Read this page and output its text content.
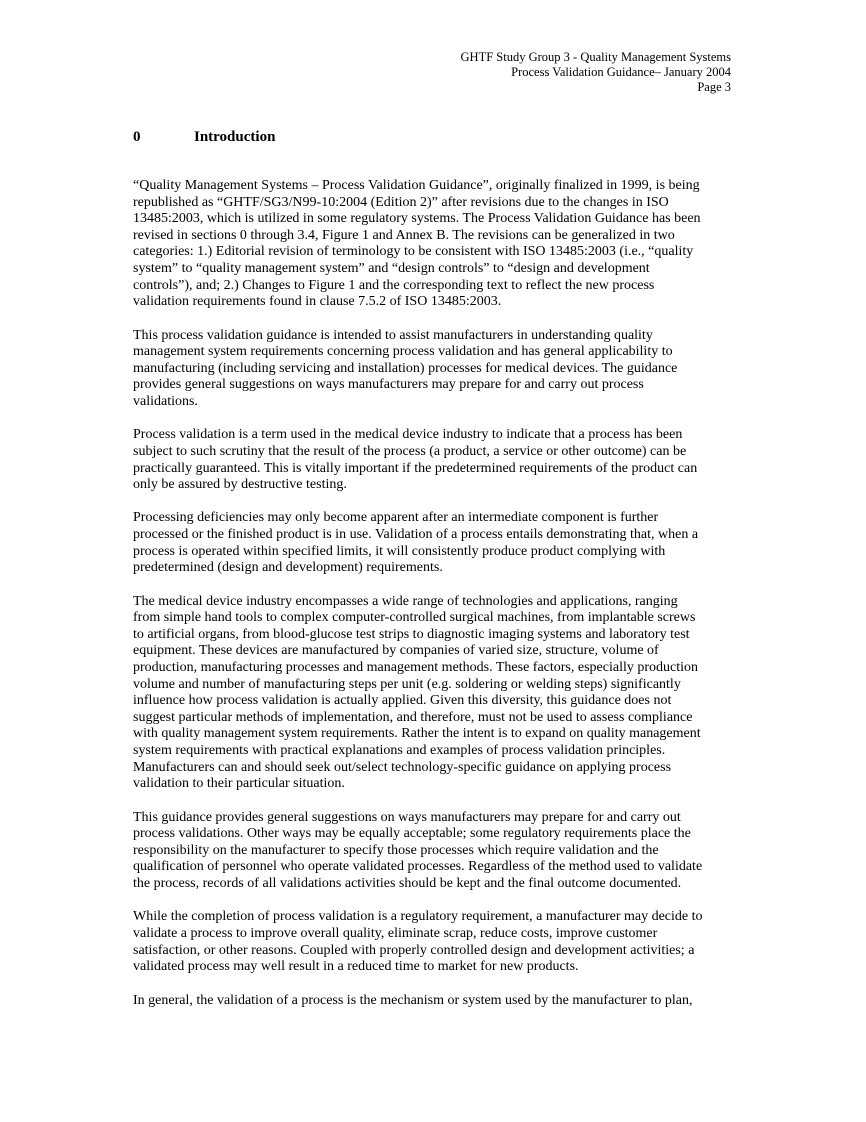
GHTF Study Group 3 - Quality Management Systems
Process Validation Guidance– January 2004
Page 3
0	Introduction

“Quality Management Systems – Process Validation Guidance”, originally finalized in 1999, is being
republished as “GHTF/SG3/N99-10:2004 (Edition 2)” after revisions due to the changes in ISO
13485:2003, which is utilized in some regulatory systems. The Process Validation Guidance has been
revised in sections 0 through 3.4, Figure 1 and Annex B. The revisions can be generalized in two
categories: 1.) Editorial revision of terminology to be consistent with ISO 13485:2003 (i.e., “quality
system” to “quality management system” and “design controls” to “design and development
controls”), and; 2.) Changes to Figure 1 and the corresponding text to reflect the new process
validation requirements found in clause 7.5.2 of ISO 13485:2003.

This process validation guidance is intended to assist manufacturers in understanding quality
management system requirements concerning process validation and has general applicability to
manufacturing (including servicing and installation) processes for medical devices. The guidance
provides general suggestions on ways manufacturers may prepare for and carry out process
validations.

Process validation is a term used in the medical device industry to indicate that a process has been
subject to such scrutiny that the result of the process (a product, a service or other outcome) can be
practically guaranteed. This is vitally important if the predetermined requirements of the product can
only be assured by destructive testing.

Processing deficiencies may only become apparent after an intermediate component is further
processed or the finished product is in use. Validation of a process entails demonstrating that, when a
process is operated within specified limits, it will consistently produce product complying with
predetermined (design and development) requirements.

The medical device industry encompasses a wide range of technologies and applications, ranging
from simple hand tools to complex computer-controlled surgical machines, from implantable screws
to artificial organs, from blood-glucose test strips to diagnostic imaging systems and laboratory test
equipment. These devices are manufactured by companies of varied size, structure, volume of
production, manufacturing processes and management methods. These factors, especially production
volume and number of manufacturing steps per unit (e.g. soldering or welding steps) significantly
influence how process validation is actually applied. Given this diversity, this guidance does not
suggest particular methods of implementation, and therefore, must not be used to assess compliance
with quality management system requirements. Rather the intent is to expand on quality management
system requirements with practical explanations and examples of process validation principles.
Manufacturers can and should seek out/select technology-specific guidance on applying process
validation to their particular situation.

This guidance provides general suggestions on ways manufacturers may prepare for and carry out
process validations. Other ways may be equally acceptable; some regulatory requirements place the
responsibility on the manufacturer to specify those processes which require validation and the
qualification of personnel who operate validated processes. Regardless of the method used to validate
the process, records of all validations activities should be kept and the final outcome documented.

While the completion of process validation is a regulatory requirement, a manufacturer may decide to
validate a process to improve overall quality, eliminate scrap, reduce costs, improve customer
satisfaction, or other reasons. Coupled with properly controlled design and development activities; a
validated process may well result in a reduced time to market for new products.

In general, the validation of a process is the mechanism or system used by the manufacturer to plan,
